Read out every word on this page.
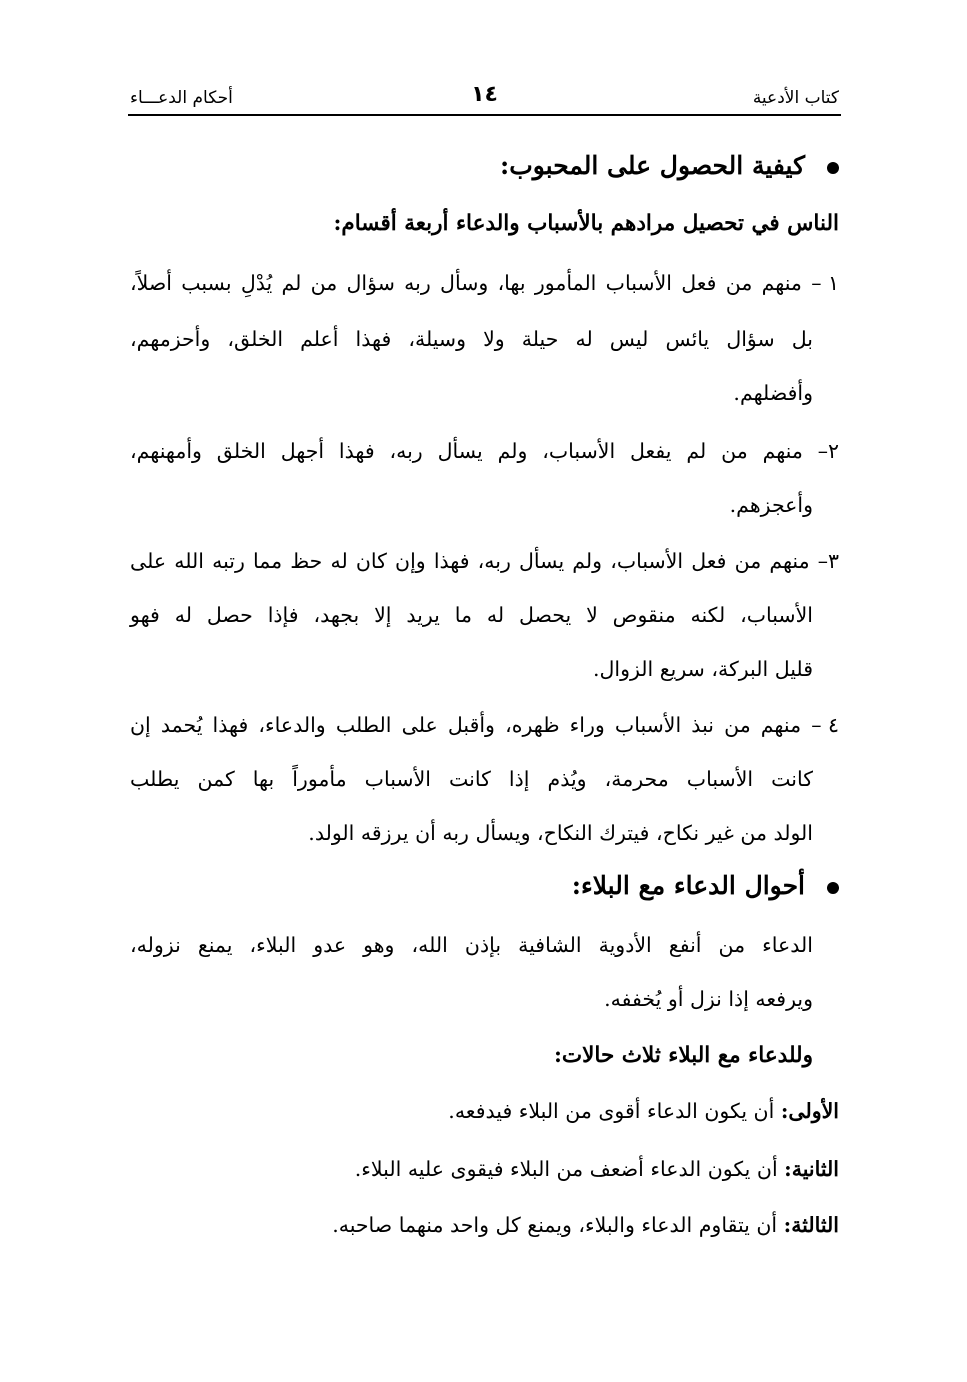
كتاب الأدعية
١٤
أحكام الدعـــاء
كيفية الحصول على المحبوب:
الناس في تحصيل مرادهم بالأسباب والدعاء أربعة أقسام:
١ – منهم من فعل الأسباب المأمور بها، وسأل ربه سؤال من لم يُدْلِ بسبب أصلاً،
بل سؤال يائس ليس له حيلة ولا وسيلة، فهذا أعلم الخلق، وأحزمهم،
وأفضلهم.
٢– منهم من لم يفعل الأسباب، ولم يسأل ربه، فهذا أجهل الخلق وأمهنهم،
وأعجزهم.
٣– منهم من فعل الأسباب، ولم يسأل ربه، فهذا وإن كان له حظ مما رتبه الله على
الأسباب، لكنه منقوص لا يحصل له ما يريد إلا بجهد، فإذا حصل له فهو
قليل البركة، سريع الزوال.
٤ – منهم من نبذ الأسباب وراء ظهره، وأقبل على الطلب والدعاء، فهذا يُحمد إن
كانت الأسباب محرمة، ويُذم إذا كانت الأسباب مأموراً بها كمن يطلب
الولد من غير نكاح، فيترك النكاح، ويسأل ربه أن يرزقه الولد.
أحوال الدعاء مع البلاء:
الدعاء من أنفع الأدوية الشافية بإذن الله، وهو عدو البلاء، يمنع نزوله،
ويرفعه إذا نزل أو يُخففه.
وللدعاء مع البلاء ثلاث حالات:
الأولى: أن يكون الدعاء أقوى من البلاء فيدفعه.
الثانية: أن يكون الدعاء أضعف من البلاء فيقوى عليه البلاء.
الثالثة: أن يتقاوم الدعاء والبلاء، ويمنع كل واحد منهما صاحبه.
